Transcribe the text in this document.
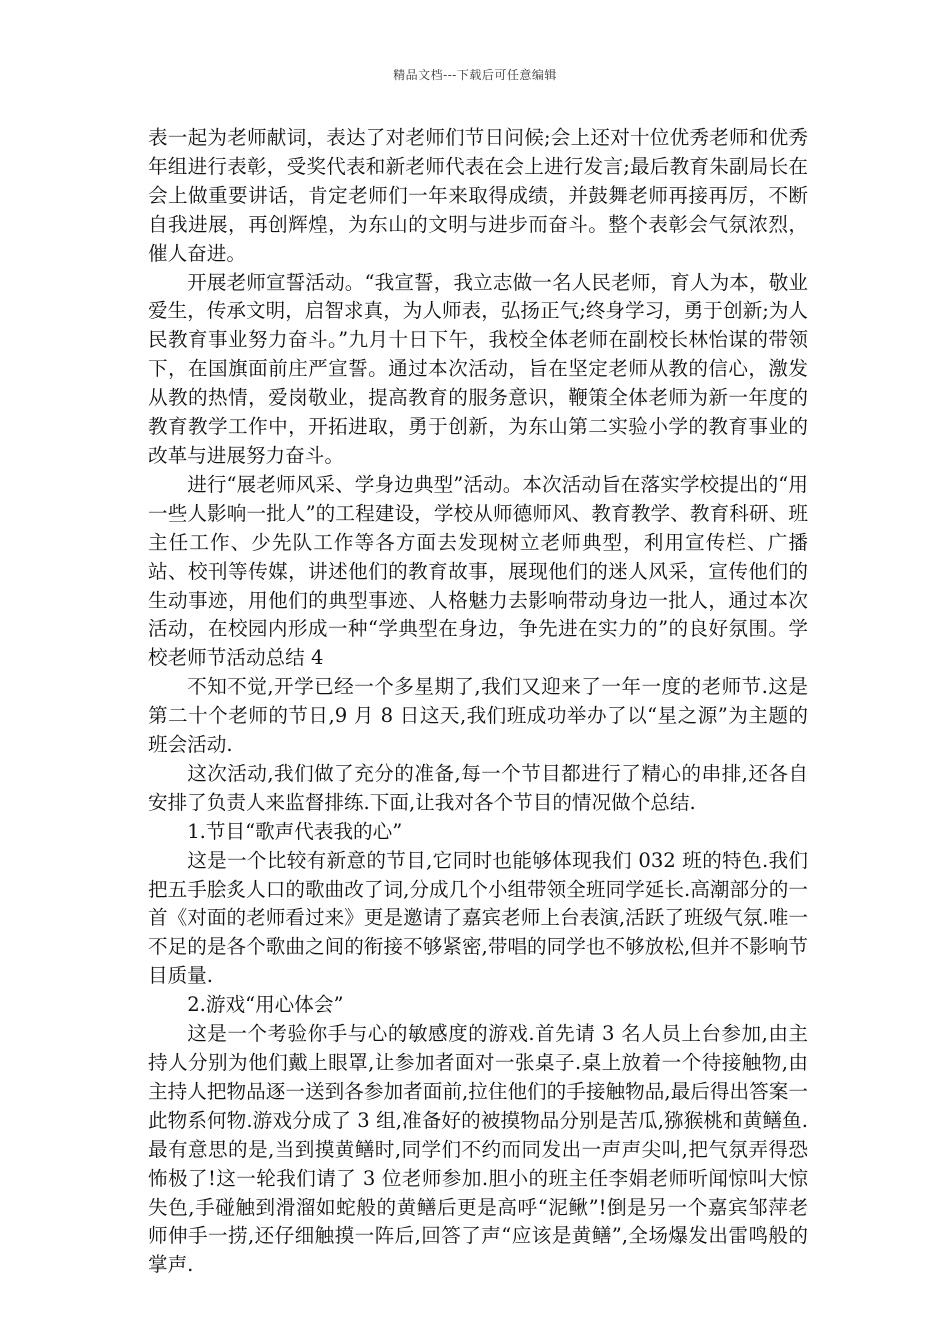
精品文档---下载后可任意编辑

表一起为老师献词，表达了对老师们节日问候;会上还对十位优秀老师和优秀年组进行表彰，受奖代表和新老师代表在会上进行发言;最后教育朱副局长在会上做重要讲话，肯定老师们一年来取得成绩，并鼓舞老师再接再厉，不断自我进展，再创辉煌，为东山的文明与进步而奋斗。整个表彰会气氛浓烈，催人奋进。

开展老师宣誓活动。“我宣誓，我立志做一名人民老师，育人为本，敬业爱生，传承文明，启智求真，为人师表，弘扬正气;终身学习，勇于创新;为人民教育事业努力奋斗。”九月十日下午，我校全体老师在副校长林怡谋的带领下，在国旗面前庄严宣誓。通过本次活动，旨在坚定老师从教的信心，激发从教的热情，爱岗敬业，提高教育的服务意识，鞭策全体老师为新一年度的教育教学工作中，开拓进取，勇于创新，为东山第二实验小学的教育事业的改革与进展努力奋斗。

进行“展老师风采、学身边典型”活动。本次活动旨在落实学校提出的“用一些人影响一批人”的工程建设，学校从师德师风、教育教学、教育科研、班主任工作、少先队工作等各方面去发现树立老师典型，利用宣传栏、广播站、校刊等传媒，讲述他们的教育故事，展现他们的迷人风采，宣传他们的生动事迹，用他们的典型事迹、人格魅力去影响带动身边一批人，通过本次活动，在校园内形成一种“学典型在身边，争先进在实力的”的良好氛围。学校老师节活动总结 4

不知不觉,开学已经一个多星期了,我们又迎来了一年一度的老师节.这是第二十个老师的节日,9 月 8 日这天,我们班成功举办了以“星之源”为主题的班会活动.

这次活动,我们做了充分的准备,每一个节目都进行了精心的串排,还各自安排了负责人来监督排练.下面,让我对各个节目的情况做个总结.

1.节目“歌声代表我的心”

这是一个比较有新意的节目,它同时也能够体现我们 032 班的特色.我们把五手脍炙人口的歌曲改了词,分成几个小组带领全班同学延长.高潮部分的一首《对面的老师看过来》更是邀请了嘉宾老师上台表演,活跃了班级气氛.唯一不足的是各个歌曲之间的衔接不够紧密,带唱的同学也不够放松,但并不影响节目质量.

2.游戏“用心体会”

这是一个考验你手与心的敏感度的游戏.首先请 3 名人员上台参加,由主持人分别为他们戴上眼罩,让参加者面对一张桌子.桌上放着一个待接触物,由主持人把物品逐一送到各参加者面前,拉住他们的手接触物品,最后得出答案一此物系何物.游戏分成了 3 组,准备好的被摸物品分别是苦瓜,猕猴桃和黄鳝鱼.最有意思的是,当到摸黄鳝时,同学们不约而同发出一声声尖叫,把气氛弄得恐怖极了!这一轮我们请了 3 位老师参加.胆小的班主任李娟老师听闻惊叫大惊失色,手碰触到滑溜如蛇般的黄鳝后更是高呼“泥鳅”!倒是另一个嘉宾邹萍老师伸手一捞,还仔细触摸一阵后,回答了声“应该是黄鳝”,全场爆发出雷鸣般的掌声.
